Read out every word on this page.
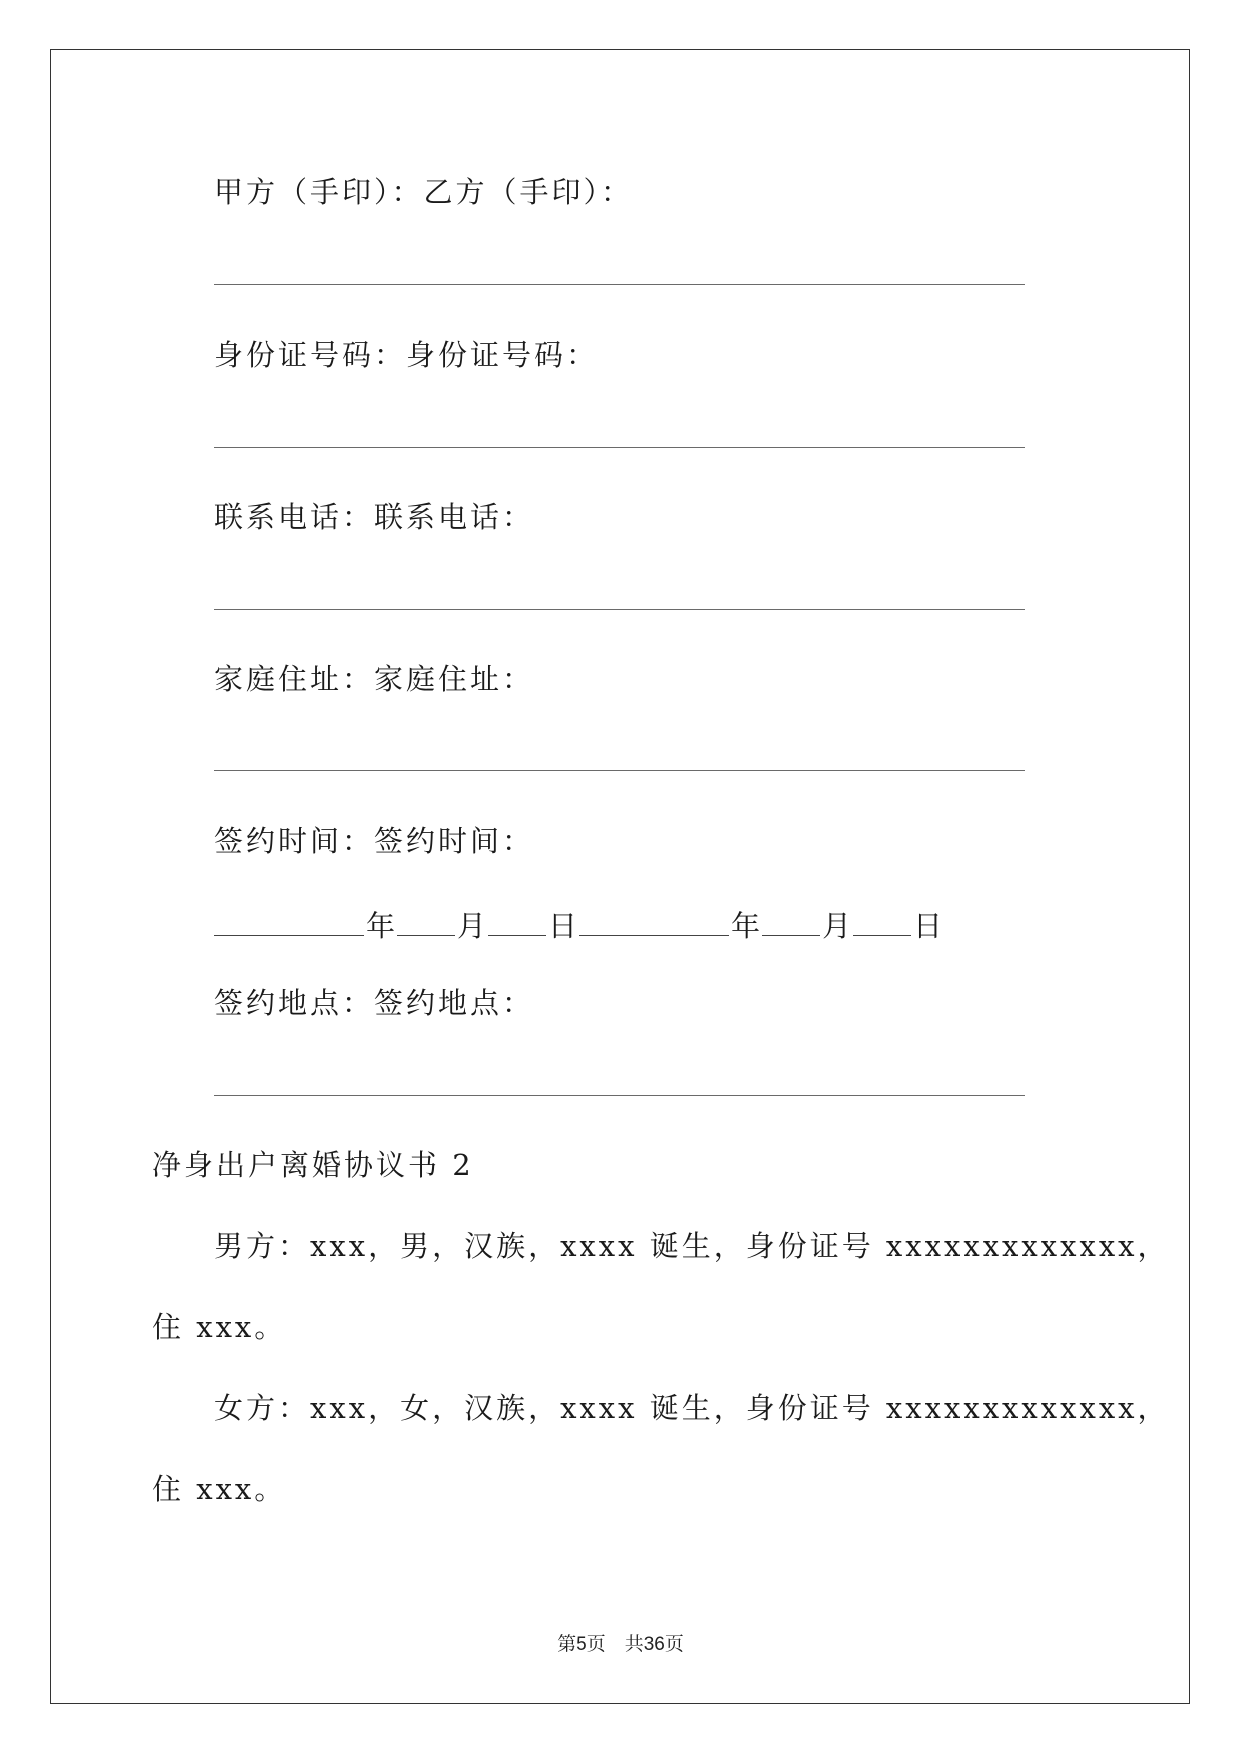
甲方（手印）：乙方（手印）：
身份证号码：身份证号码：
联系电话：联系电话：
家庭住址：家庭住址：
签约时间：签约时间：
年 月 日	年 月 日
签约地点：签约地点：
净身出户离婚协议书 2
男方：xxx，男，汉族，xxxx 诞生，身份证号 xxxxxxxxxxxxx，
住 xxx。
女方：xxx，女，汉族，xxxx 诞生，身份证号 xxxxxxxxxxxxx，
住 xxx。
第5页　共36页
